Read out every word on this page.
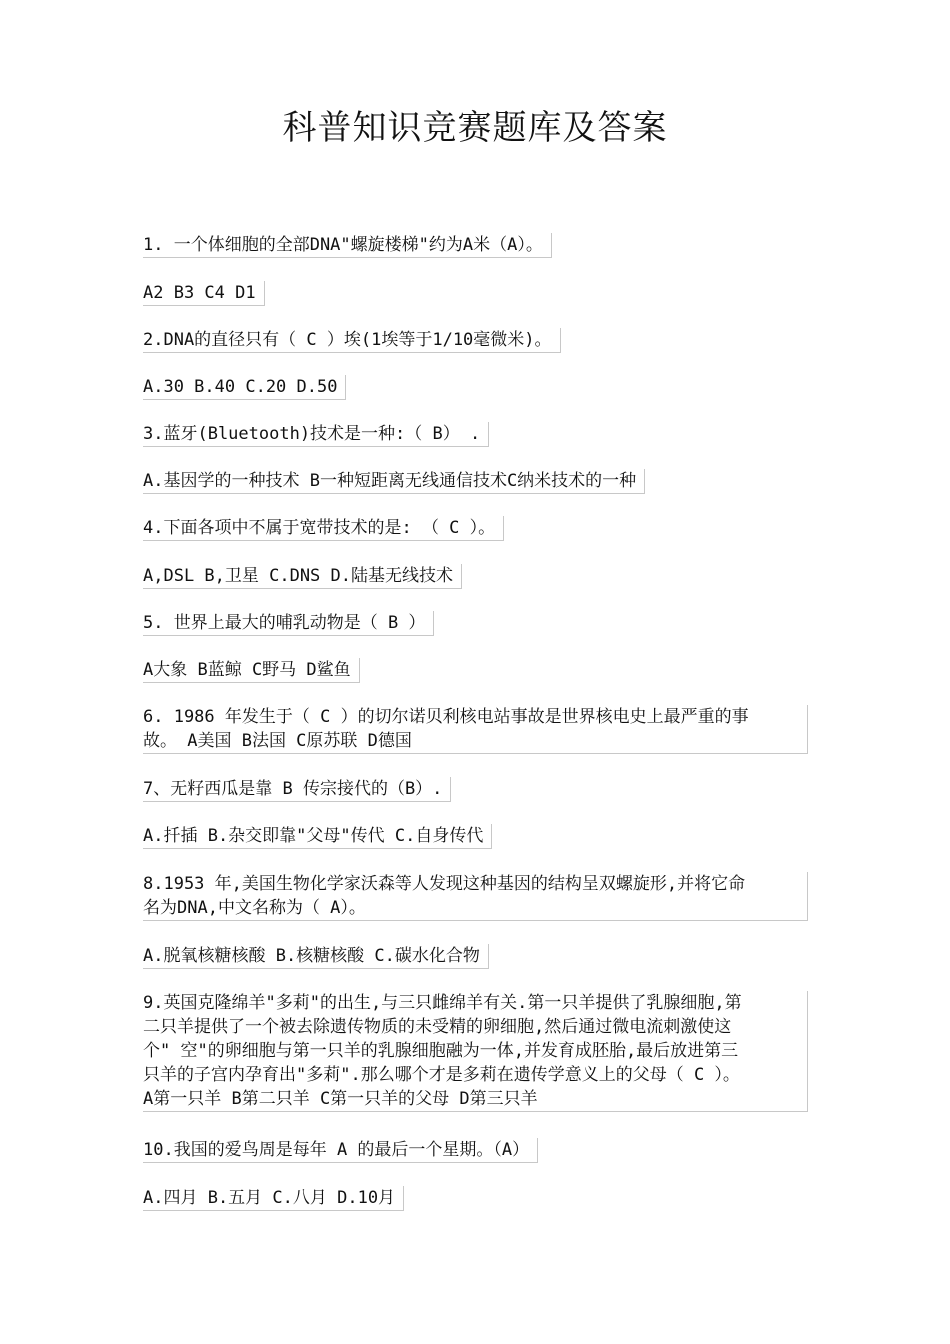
科普知识竞赛题库及答案
1. 一个体细胞的全部DNA"螺旋楼梯"约为A米（A）。
A2 B3 C4 D1
2.DNA的直径只有（ C ）埃(1埃等于1/10毫微米)。
A.30 B.40 C.20 D.50
3.蓝牙(Bluetooth)技术是一种:（ B） .
A.基因学的一种技术 B一种短距离无线通信技术C纳米技术的一种
4.下面各项中不属于宽带技术的是: （ C ）。
A,DSL B,卫星 C.DNS D.陆基无线技术
5. 世界上最大的哺乳动物是（ B ）
A大象 B蓝鲸 C野马 D鲨鱼
6. 1986 年发生于（ C ）的切尔诺贝利核电站事故是世界核电史上最严重的事
故。 A美国 B法国 C原苏联 D德国
7、无籽西瓜是靠 B 传宗接代的（B）.
A.扦插 B.杂交即靠"父母"传代 C.自身传代
8.1953 年,美国生物化学家沃森等人发现这种基因的结构呈双螺旋形,并将它命
名为DNA,中文名称为（ A）。
A.脱氧核糖核酸 B.核糖核酸 C.碳水化合物
9.英国克隆绵羊"多莉"的出生,与三只雌绵羊有关.第一只羊提供了乳腺细胞,第
二只羊提供了一个被去除遗传物质的未受精的卵细胞,然后通过微电流刺激使这
个" 空"的卵细胞与第一只羊的乳腺细胞融为一体,并发育成胚胎,最后放进第三
只羊的子宫内孕育出"多莉".那么哪个才是多莉在遗传学意义上的父母（ C ）。
A第一只羊 B第二只羊 C第一只羊的父母 D第三只羊
10.我国的爱鸟周是每年 A 的最后一个星期。（A）
A.四月 B.五月 C.八月 D.10月
